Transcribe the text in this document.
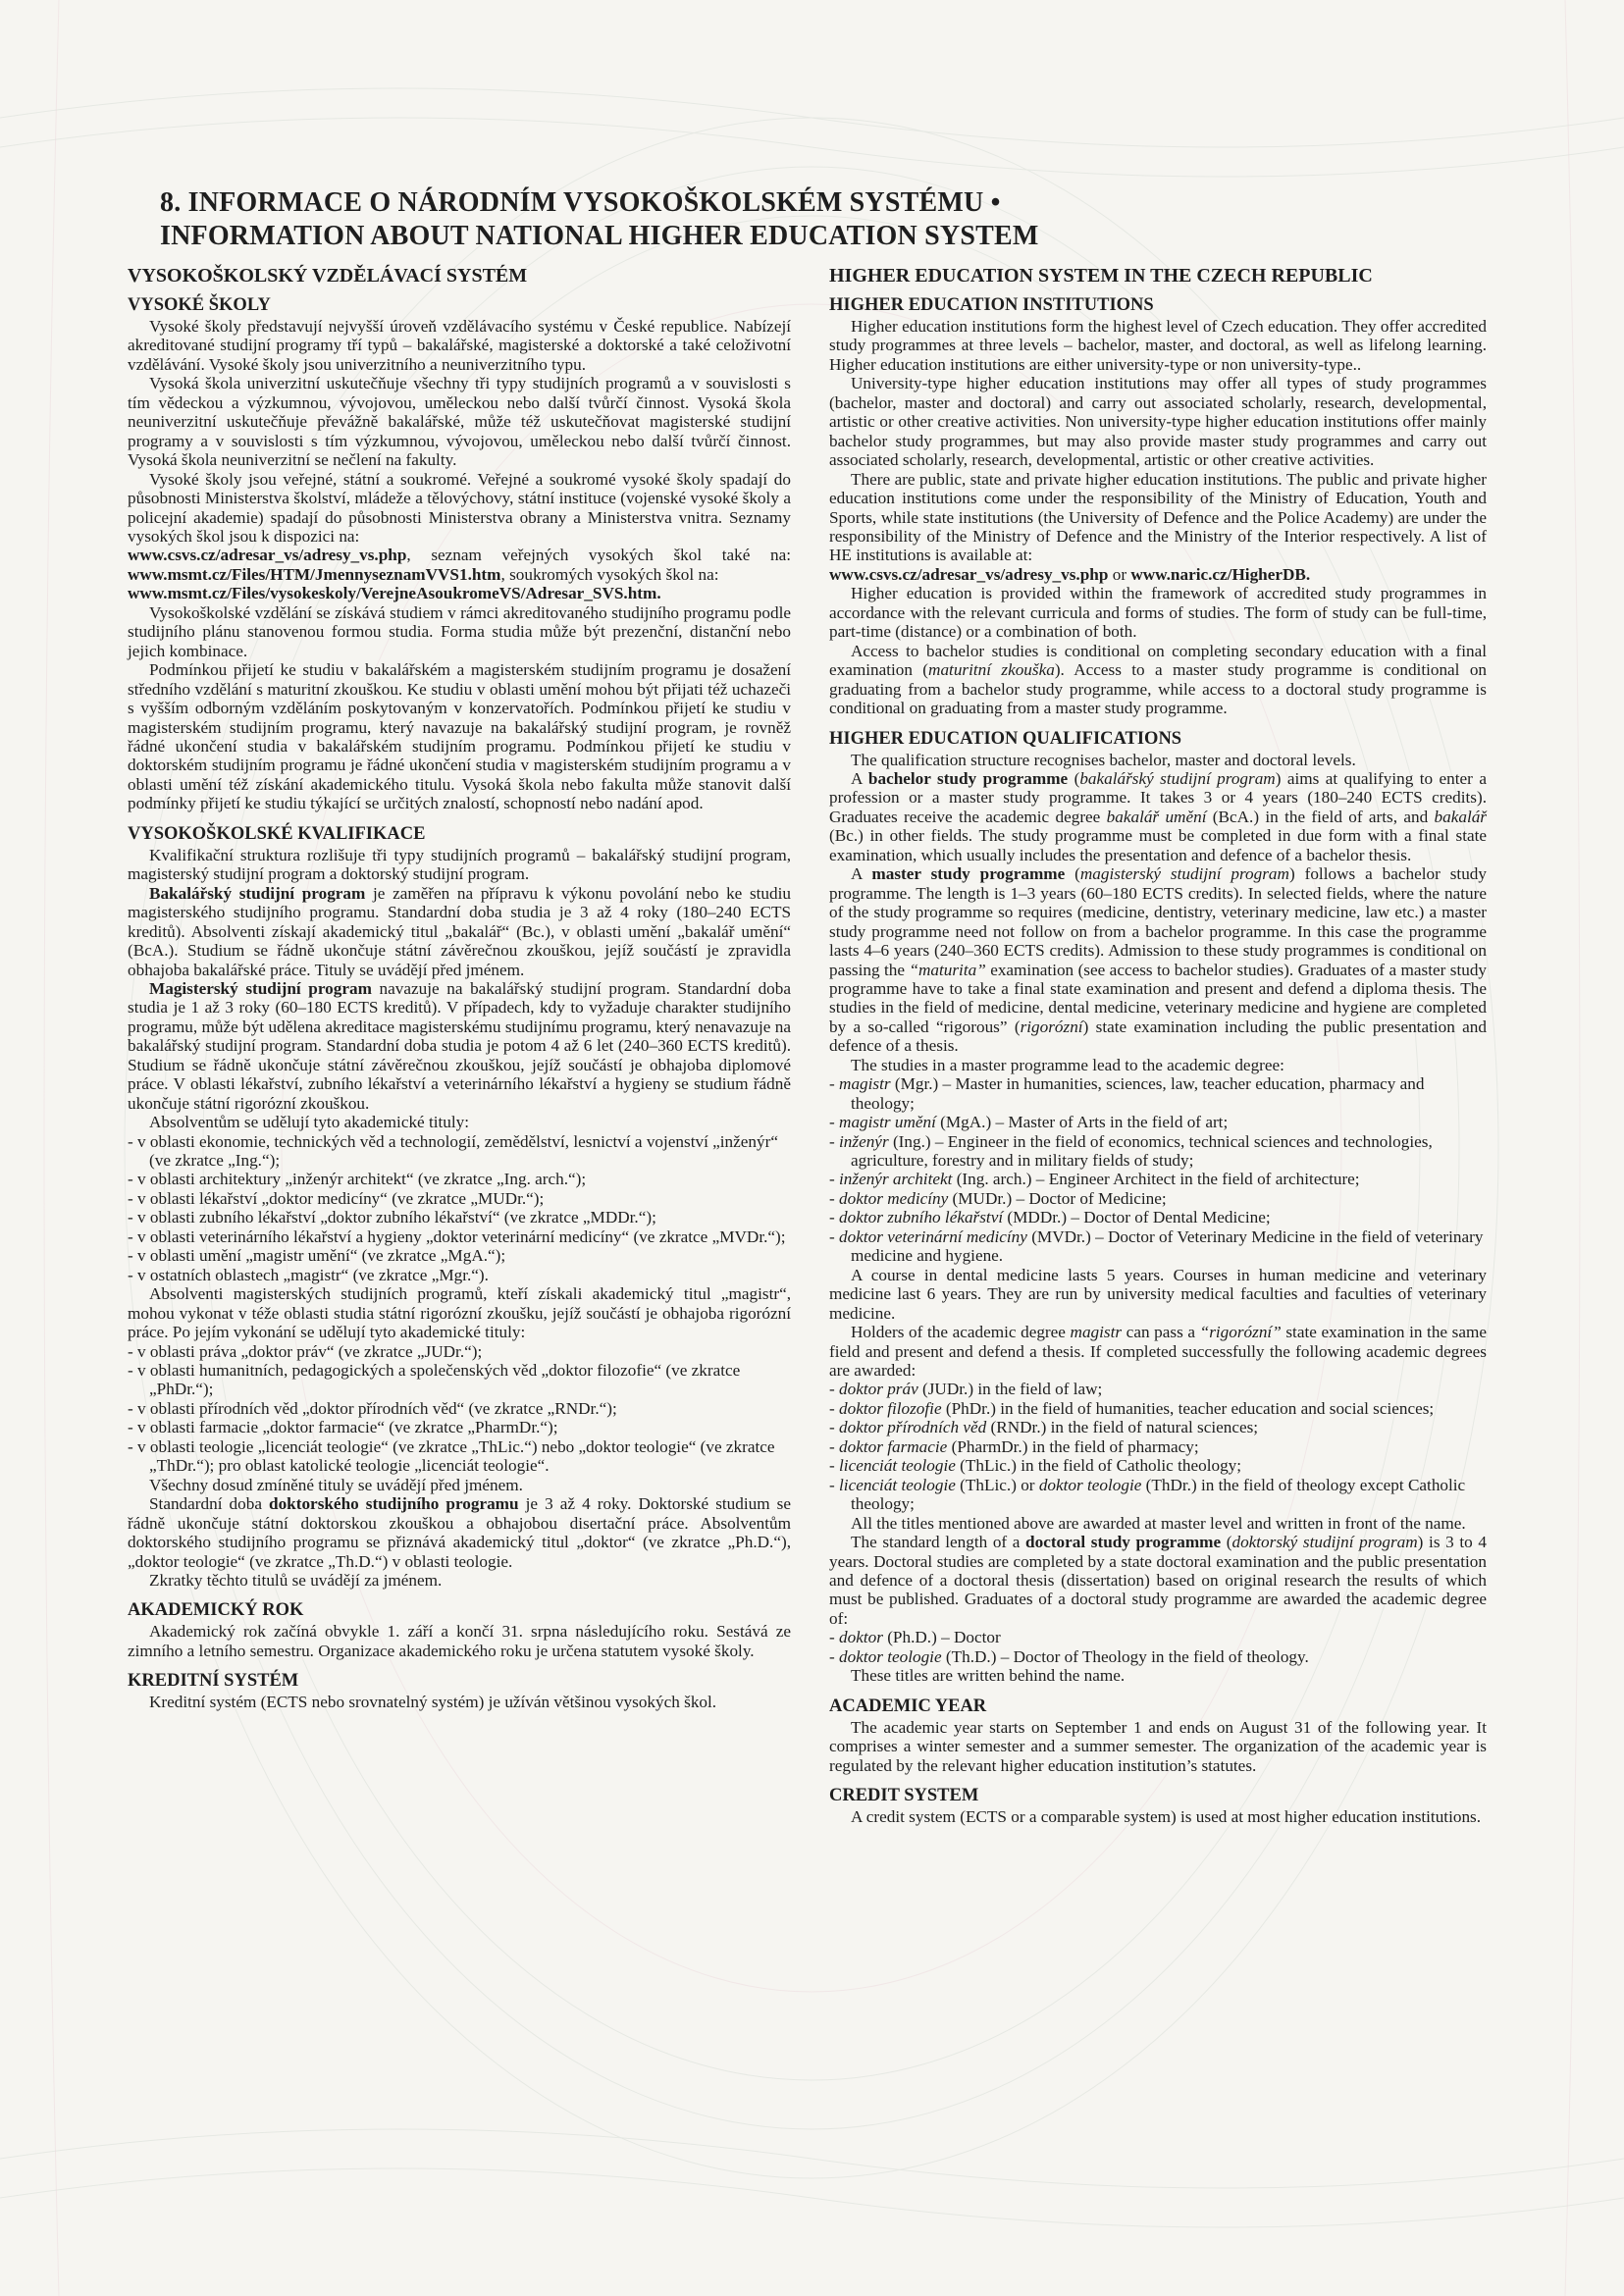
8. INFORMACE O NÁRODNÍM VYSOKOŠKOLSKÉM SYSTÉMU •
INFORMATION ABOUT NATIONAL HIGHER EDUCATION SYSTEM
VYSOKOŠKOLSKÝ VZDĚLÁVACÍ SYSTÉM
VYSOKÉ ŠKOLY

Vysoké školy představují nejvyšší úroveň vzdělávacího systému v České republice. Nabízejí akreditované studijní programy tří typů – bakalářské, magisterské a doktorské a také celoživotní vzdělávání. Vysoké školy jsou univerzitního a neuniverzitního typu.

Vysoká škola univerzitní uskutečňuje všechny tři typy studijních programů a v souvislosti s tím vědeckou a výzkumnou, vývojovou, uměleckou nebo další tvůrčí činnost. Vysoká škola neuniverzitní uskutečňuje převážně bakalářské, může též uskutečňovat magisterské studijní programy a v souvislosti s tím výzkumnou, vývojovou, uměleckou nebo další tvůrčí činnost. Vysoká škola neuniverzitní se nečlení na fakulty.

Vysoké školy jsou veřejné, státní a soukromé. Veřejné a soukromé vysoké školy spadají do působnosti Ministerstva školství, mládeže a tělovýchovy, státní instituce (vojenské vysoké školy a policejní akademie) spadají do působnosti Ministerstva obrany a Ministerstva vnitra. Seznamy vysokých škol jsou k dispozici na:

www.csvs.cz/adresar_vs/adresy_vs.php, seznam veřejných vysokých škol také na: www.msmt.cz/Files/HTM/JmennyseznamVVS1.htm, soukromých vysokých škol na:

www.msmt.cz/Files/vysokeskoly/VerejneAsoukromeVS/Adresar_SVS.htm.

Vysokoškolské vzdělání se získává studiem v rámci akreditovaného studijního programu podle studijního plánu stanovenou formou studia. Forma studia může být prezenční, distanční nebo jejich kombinace.

Podmínkou přijetí ke studiu v bakalářském a magisterském studijním programu je dosažení středního vzdělání s maturitní zkouškou. Ke studiu v oblasti umění mohou být přijati též uchazeči s vyšším odborným vzděláním poskytovaným v konzervatořích. Podmínkou přijetí ke studiu v magisterském studijním programu, který navazuje na bakalářský studijní program, je rovněž řádné ukončení studia v bakalářském studijním programu. Podmínkou přijetí ke studiu v doktorském studijním programu je řádné ukončení studia v magisterském studijním programu a v oblasti umění též získání akademického titulu. Vysoká škola nebo fakulta může stanovit další podmínky přijetí ke studiu týkající se určitých znalostí, schopností nebo nadání apod.

VYSOKOŠKOLSKÉ KVALIFIKACE

Kvalifikační struktura rozlišuje tři typy studijních programů – bakalářský studijní program, magisterský studijní program a doktorský studijní program.

Bakalářský studijní program je zaměřen na přípravu k výkonu povolání nebo ke studiu magisterského studijního programu. Standardní doba studia je 3 až 4 roky (180–240 ECTS kreditů). Absolventi získají akademický titul „bakalář“ (Bc.), v oblasti umění „bakalář umění“ (BcA.). Studium se řádně ukončuje státní závěrečnou zkouškou, jejíž součástí je zpravidla obhajoba bakalářské práce. Tituly se uvádějí před jménem.

Magisterský studijní program navazuje na bakalářský studijní program. Standardní doba studia je 1 až 3 roky (60–180 ECTS kreditů). V případech, kdy to vyžaduje charakter studijního programu, může být udělena akreditace magisterskému studijnímu programu, který nenavazuje na bakalářský studijní program. Standardní doba studia je potom 4 až 6 let (240–360 ECTS kreditů). Studium se řádně ukončuje státní závěrečnou zkouškou, jejíž součástí je obhajoba diplomové práce. V oblasti lékařství, zubního lékařství a veterinárního lékařství a hygieny se studium řádně ukončuje státní rigorózní zkouškou.

Absolventům se udělují tyto akademické tituly:

- v oblasti ekonomie, technických věd a technologií, zemědělství, lesnictví a vojenství „inženýr“ (ve zkratce „Ing.“);
- v oblasti architektury „inženýr architekt“ (ve zkratce „Ing. arch.“);
- v oblasti lékařství „doktor medicíny“ (ve zkratce „MUDr.“);
- v oblasti zubního lékařství „doktor zubního lékařství“ (ve zkratce „MDDr.“);
- v oblasti veterinárního lékařství a hygieny „doktor veterinární medicíny“ (ve zkratce „MVDr.“);
- v oblasti umění „magistr umění“ (ve zkratce „MgA.“);
- v ostatních oblastech „magistr“ (ve zkratce „Mgr.“).

Absolventi magisterských studijních programů, kteří získali akademický titul „magistr“, mohou vykonat v téže oblasti studia státní rigorózní zkoušku, jejíž součástí je obhajoba rigorózní práce. Po jejím vykonání se udělují tyto akademické tituly:

- v oblasti práva „doktor práv“ (ve zkratce „JUDr.“);
- v oblasti humanitních, pedagogických a společenských věd „doktor filozofie“ (ve zkratce „PhDr.“);
- v oblasti přírodních věd „doktor přírodních věd“ (ve zkratce „RNDr.“);
- v oblasti farmacie „doktor farmacie“ (ve zkratce „PharmDr.“);
- v oblasti teologie „licenciát teologie“ (ve zkratce „ThLic.“) nebo „doktor teologie“ (ve zkratce „ThDr.“); pro oblast katolické teologie „licenciát teologie“.

Všechny dosud zmíněné tituly se uvádějí před jménem.

Standardní doba doktorského studijního programu je 3 až 4 roky. Doktorské studium se řádně ukončuje státní doktorskou zkouškou a obhajobou disertační práce. Absolventům doktorského studijního programu se přiznává akademický titul „doktor“ (ve zkratce „Ph.D.“), „doktor teologie“ (ve zkratce „Th.D.“) v oblasti teologie.

Zkratky těchto titulů se uvádějí za jménem.

AKADEMICKÝ ROK

Akademický rok začíná obvykle 1. září a končí 31. srpna následujícího roku. Sestává ze zimního a letního semestru. Organizace akademického roku je určena statutem vysoké školy.

KREDITNÍ SYSTÉM

Kreditní systém (ECTS nebo srovnatelný systém) je užíván většinou vysokých škol.

HIGHER EDUCATION SYSTEM IN THE CZECH REPUBLIC
HIGHER EDUCATION INSTITUTIONS

Higher education institutions form the highest level of Czech education. They offer accredited study programmes at three levels – bachelor, master, and doctoral, as well as lifelong learning. Higher education institutions are either university-type or non university-type..

University-type higher education institutions may offer all types of study programmes (bachelor, master and doctoral) and carry out associated scholarly, research, developmental, artistic or other creative activities. Non university-type higher education institutions offer mainly bachelor study programmes, but may also provide master study programmes and carry out associated scholarly, research, developmental, artistic or other creative activities.

There are public, state and private higher education institutions. The public and private higher education institutions come under the responsibility of the Ministry of Education, Youth and Sports, while state institutions (the University of Defence and the Police Academy) are under the responsibility of the Ministry of Defence and the Ministry of the Interior respectively. A list of HE institutions is available at:

www.csvs.cz/adresar_vs/adresy_vs.php or www.naric.cz/HigherDB.

Higher education is provided within the framework of accredited study programmes in accordance with the relevant curricula and forms of studies. The form of study can be full-time, part-time (distance) or a combination of both.

Access to bachelor studies is conditional on completing secondary education with a final examination (maturitní zkouška). Access to a master study programme is conditional on graduating from a bachelor study programme, while access to a doctoral study programme is conditional on graduating from a master study programme.

HIGHER EDUCATION QUALIFICATIONS

The qualification structure recognises bachelor, master and doctoral levels.

A bachelor study programme (bakalářský studijní program) aims at qualifying to enter a profession or a master study programme. It takes 3 or 4 years (180–240 ECTS credits). Graduates receive the academic degree bakalář umění (BcA.) in the field of arts, and bakalář (Bc.) in other fields. The study programme must be completed in due form with a final state examination, which usually includes the presentation and defence of a bachelor thesis.

A master study programme (magisterský studijní program) follows a bachelor study programme. The length is 1–3 years (60–180 ECTS credits). In selected fields, where the nature of the study programme so requires (medicine, dentistry, veterinary medicine, law etc.) a master study programme need not follow on from a bachelor programme. In this case the programme lasts 4–6 years (240–360 ECTS credits). Admission to these study programmes is conditional on passing the “maturita” examination (see access to bachelor studies). Graduates of a master study programme have to take a final state examination and present and defend a diploma thesis. The studies in the field of medicine, dental medicine, veterinary medicine and hygiene are completed by a so-called “rigorous” (rigorózní) state examination including the public presentation and defence of a thesis.

The studies in a master programme lead to the academic degree:

- magistr (Mgr.) – Master in humanities, sciences, law, teacher education, pharmacy and theology;
- magistr umění (MgA.) – Master of Arts in the field of art;
- inženýr (Ing.) – Engineer in the field of economics, technical sciences and technologies, agriculture, forestry and in military fields of study;
- inženýr architekt (Ing. arch.) – Engineer Architect in the field of architecture;
- doktor medicíny (MUDr.) – Doctor of Medicine;
- doktor zubního lékařství (MDDr.) – Doctor of Dental Medicine;
- doktor veterinární medicíny (MVDr.) – Doctor of Veterinary Medicine in the field of veterinary medicine and hygiene.

A course in dental medicine lasts 5 years. Courses in human medicine and veterinary medicine last 6 years. They are run by university medical faculties and faculties of veterinary medicine.

Holders of the academic degree magistr can pass a “rigorózní” state examination in the same field and present and defend a thesis. If completed successfully the following academic degrees are awarded:

- doktor práv (JUDr.) in the field of law;
- doktor filozofie (PhDr.) in the field of humanities, teacher education and social sciences;
- doktor přírodních věd (RNDr.) in the field of natural sciences;
- doktor farmacie (PharmDr.) in the field of pharmacy;
- licenciát teologie (ThLic.) in the field of Catholic theology;
- licenciát teologie (ThLic.) or doktor teologie (ThDr.) in the field of theology except Catholic theology;

All the titles mentioned above are awarded at master level and written in front of the name.

The standard length of a doctoral study programme (doktorský studijní program) is 3 to 4 years. Doctoral studies are completed by a state doctoral examination and the public presentation and defence of a doctoral thesis (dissertation) based on original research the results of which must be published. Graduates of a doctoral study programme are awarded the academic degree of:

- doktor (Ph.D.) – Doctor
- doktor teologie (Th.D.) – Doctor of Theology in the field of theology.

These titles are written behind the name.

ACADEMIC YEAR

The academic year starts on September 1 and ends on August 31 of the following year. It comprises a winter semester and a summer semester. The organization of the academic year is regulated by the relevant higher education institution’s statutes.

CREDIT SYSTEM

A credit system (ECTS or a comparable system) is used at most higher education institutions.
